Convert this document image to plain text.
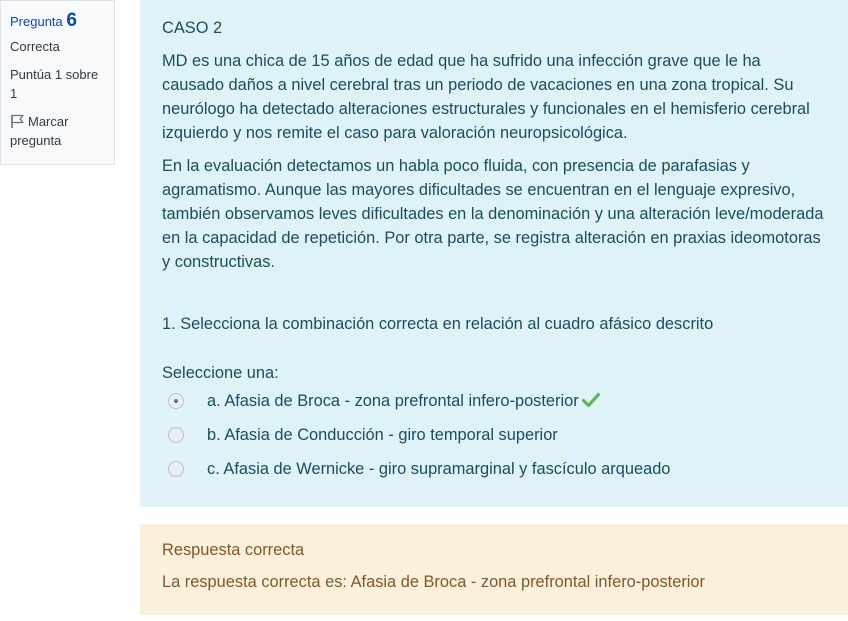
Pregunta 6
Correcta
Puntúa 1 sobre 1
Marcar pregunta
CASO 2
MD es una chica de 15 años de edad que ha sufrido una infección grave que le ha causado daños a nivel cerebral tras un periodo de vacaciones en una zona tropical. Su neurólogo ha detectado alteraciones estructurales y funcionales en el hemisferio cerebral izquierdo y nos remite el caso para valoración neuropsicológica.
En la evaluación detectamos un habla poco fluida, con presencia de parafasias y agramatismo. Aunque las mayores dificultades se encuentran en el lenguaje expresivo, también observamos leves dificultades en la denominación y una alteración leve/moderada en la capacidad de repetición. Por otra parte, se registra alteración en praxias ideomotoras y constructivas.
1. Selecciona la combinación correcta en relación al cuadro afásico descrito
Seleccione una:
a. Afasia de Broca - zona prefrontal infero-posterior
b. Afasia de Conducción - giro temporal superior
c. Afasia de Wernicke - giro supramarginal y fascículo arqueado
Respuesta correcta
La respuesta correcta es: Afasia de Broca - zona prefrontal infero-posterior
